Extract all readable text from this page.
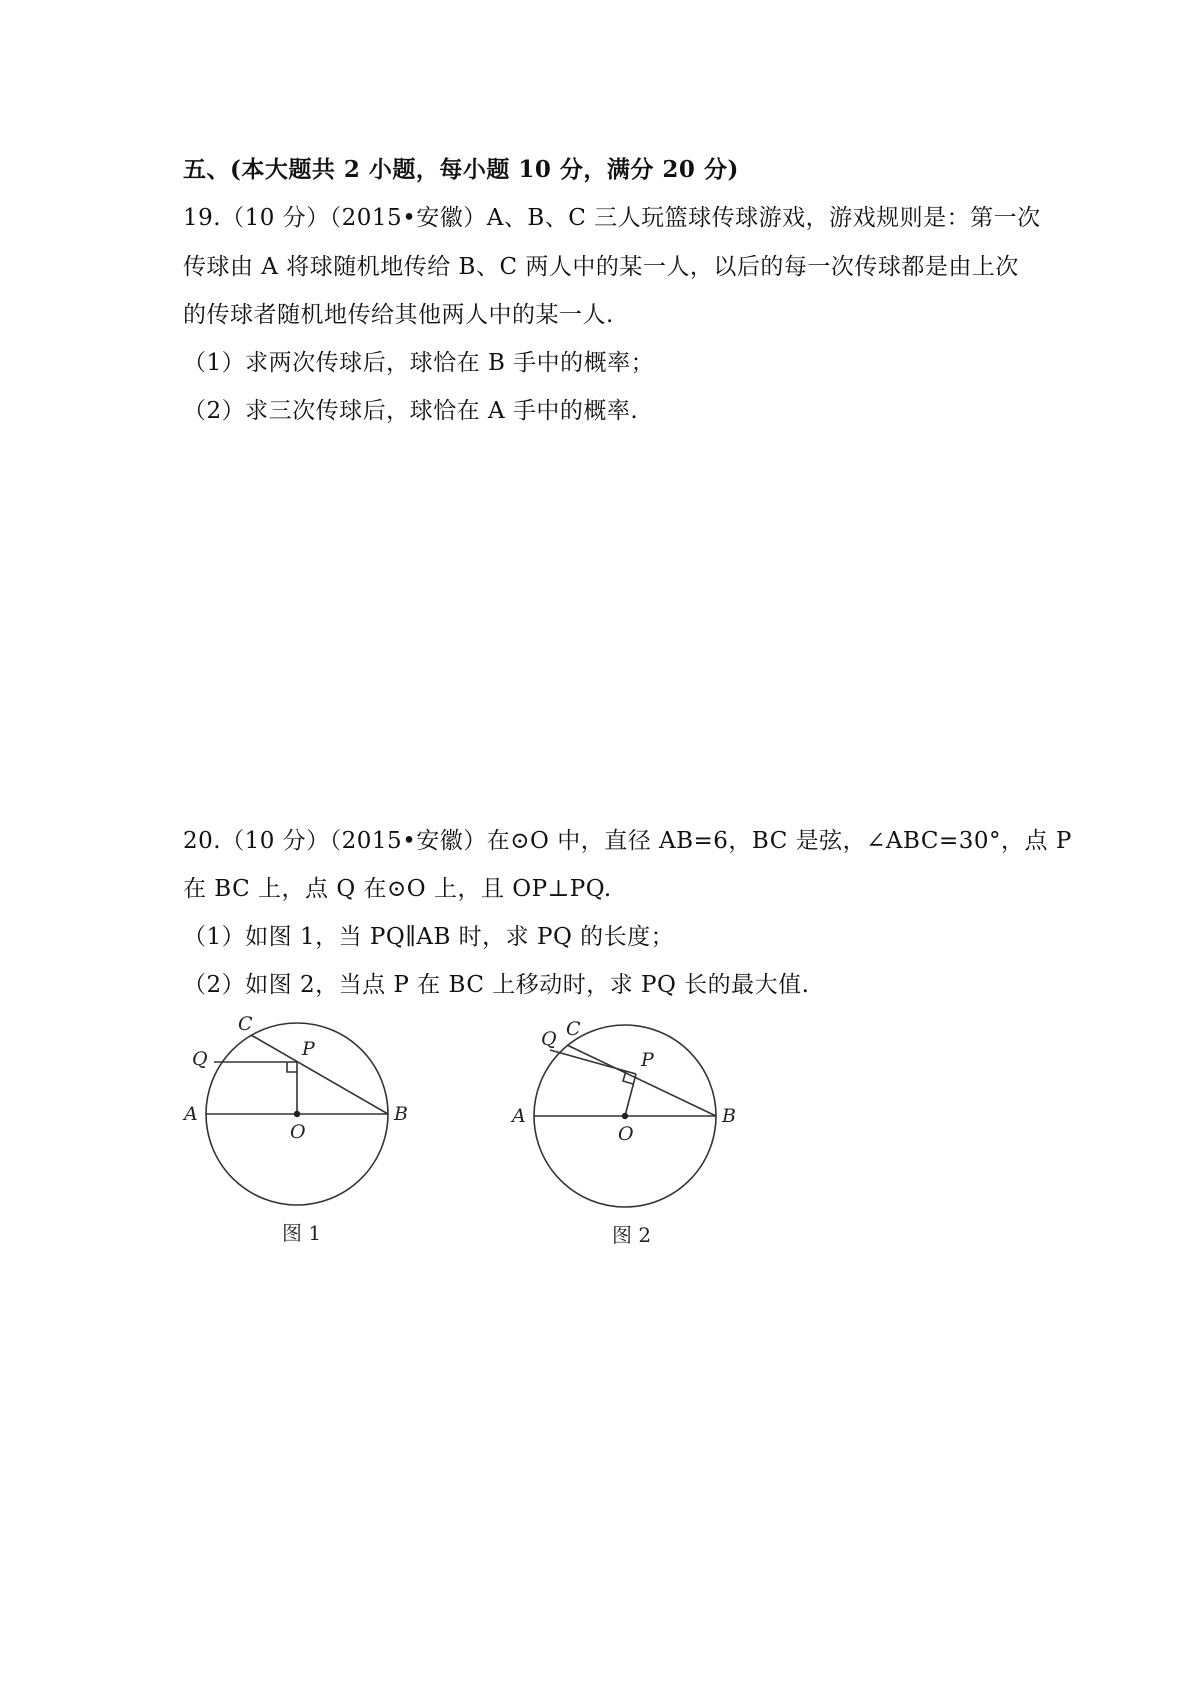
五、(本大题共 2 小题，每小题 10 分，满分 20 分)
19.（10 分）（2015•安徽）A、B、C 三人玩篮球传球游戏，游戏规则是：第一次
传球由 A 将球随机地传给 B、C 两人中的某一人，以后的每一次传球都是由上次
的传球者随机地传给其他两人中的某一人.
（1）求两次传球后，球恰在 B 手中的概率；
（2）求三次传球后，球恰在 A 手中的概率.
20.（10 分）（2015•安徽）在⊙O 中，直径 AB=6，BC 是弦，∠ABC=30°，点 P
在 BC 上，点 Q 在⊙O 上，且 OP⊥PQ.
（1）如图 1，当 PQ∥AB 时，求 PQ 的长度；
（2）如图 2，当点 P 在 BC 上移动时，求 PQ 长的最大值.
A	B
C
O
P
Q
图 1
A	B
C
O
P
Q
图 2
